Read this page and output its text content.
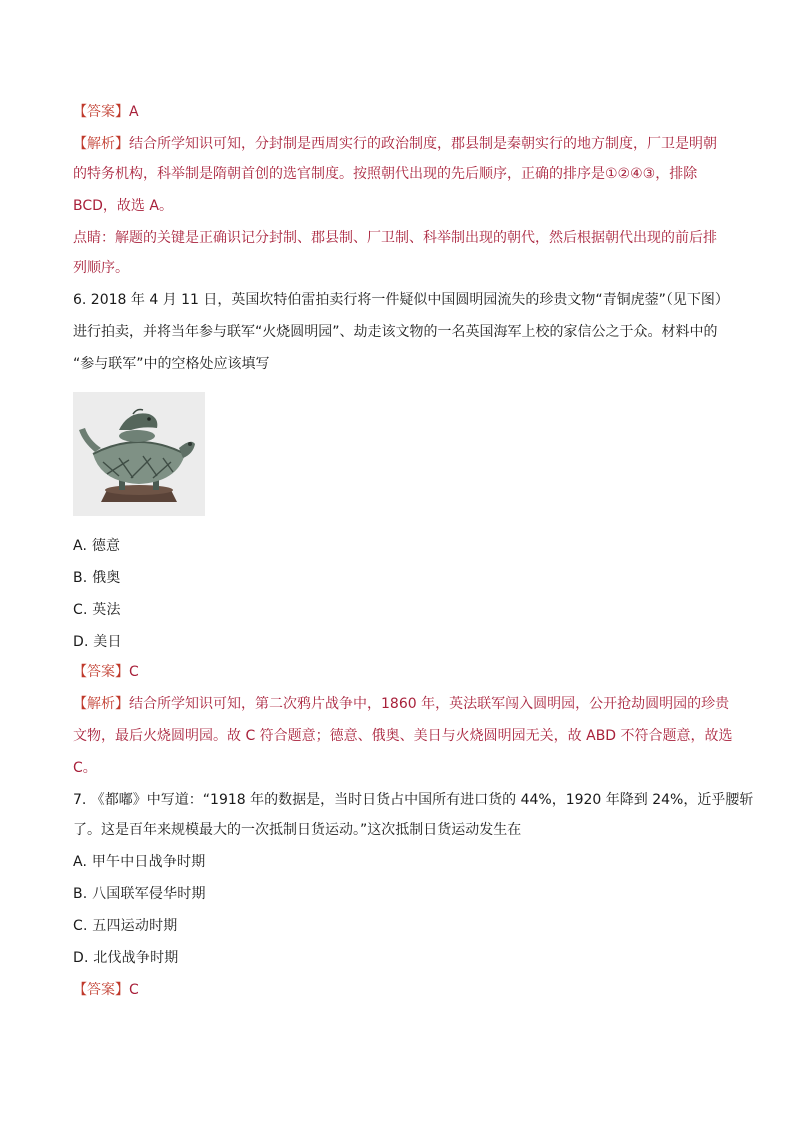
【答案】A
【解析】结合所学知识可知，分封制是西周实行的政治制度，郡县制是秦朝实行的地方制度，厂卫是明朝
的特务机构，科举制是隋朝首创的选官制度。按照朝代出现的先后顺序，正确的排序是①②④③，排除
BCD，故选 A。
点睛：解题的关键是正确识记分封制、郡县制、厂卫制、科举制出现的朝代，然后根据朝代出现的前后排
列顺序。
6. 2018 年 4 月 11 日，英国坎特伯雷拍卖行将一件疑似中国圆明园流失的珍贵文物“青铜虎蓥”（见下图）
进行拍卖，并将当年参与联军“火烧圆明园”、劫走该文物的一名英国海军上校的家信公之于众。材料中的
“参与联军”中的空格处应该填写
A. 德意
B. 俄奥
C. 英法
D. 美日
【答案】C
【解析】结合所学知识可知，第二次鸦片战争中，1860 年，英法联军闯入圆明园，公开抢劫圆明园的珍贵
文物，最后火烧圆明园。故 C 符合题意；德意、俄奥、美日与火烧圆明园无关，故 ABD 不符合题意，故选
C。
7. 《都嘟》中写道：“1918 年的数据是，当时日货占中国所有进口货的 44%，1920 年降到 24%，近乎腰斩
了。这是百年来规模最大的一次抵制日货运动。”这次抵制日货运动发生在
A. 甲午中日战争时期
B. 八国联军侵华时期
C. 五四运动时期
D. 北伐战争时期
【答案】C
